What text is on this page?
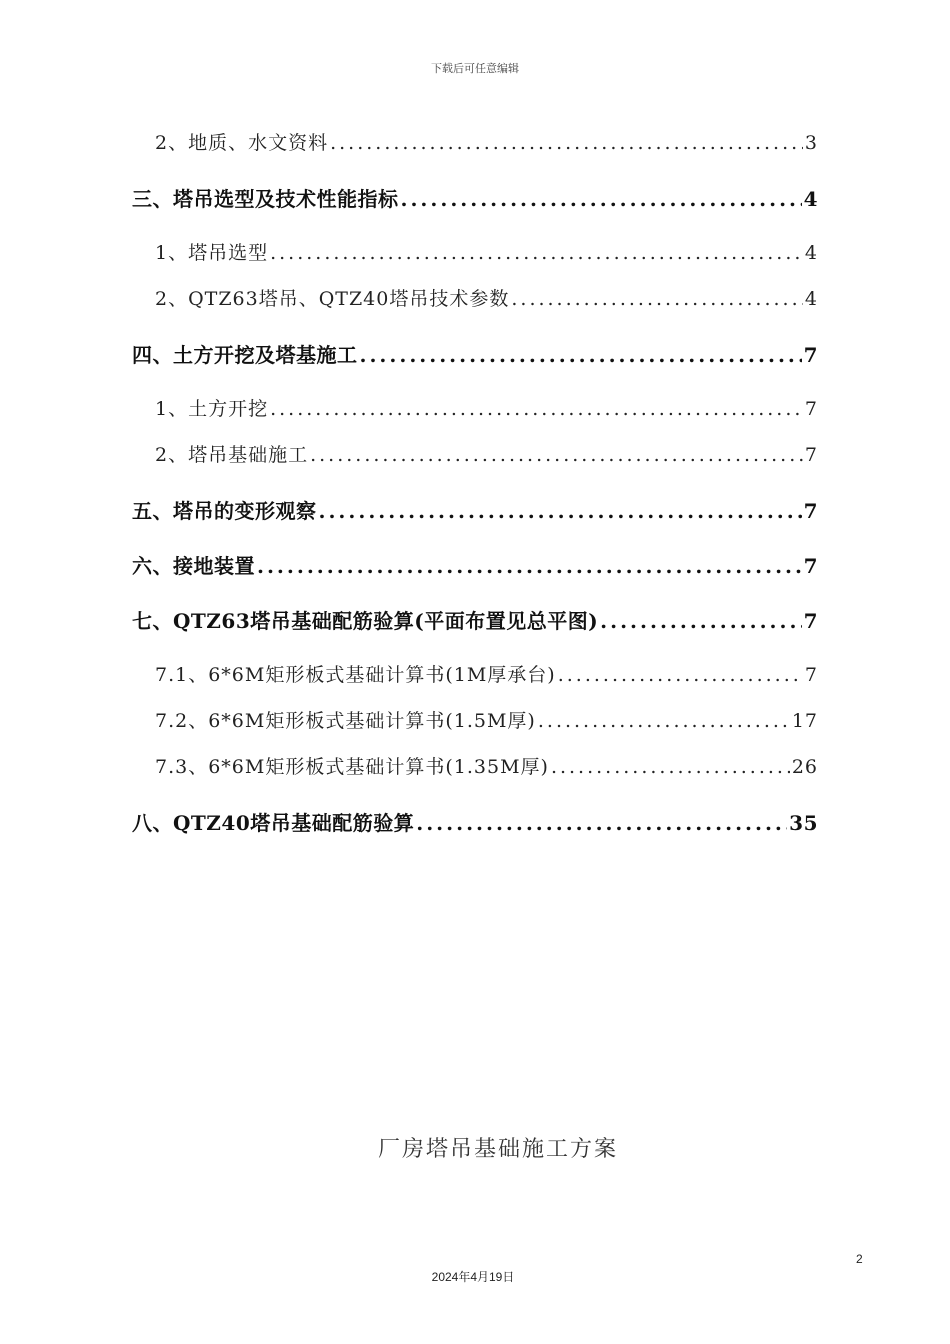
下载后可任意编辑
2、地质、水文资料 .....	3
三、塔吊选型及技术性能指标 .....	4
1、塔吊选型 .....	4
2、QTZ63塔吊、QTZ40塔吊技术参数 .....	4
四、土方开挖及塔基施工 .....	7
1、土方开挖 .....	7
2、塔吊基础施工 .....	7
五、塔吊的变形观察 .....	7
六、接地装置 .....	7
七、QTZ63塔吊基础配筋验算(平面布置见总平图) .....	7
7.1、6*6M矩形板式基础计算书(1M厚承台) .....	7
7.2、6*6M矩形板式基础计算书(1.5M厚) .....	17
7.3、6*6M矩形板式基础计算书(1.35M厚) .....	26
八、QTZ40塔吊基础配筋验算 .....	35
厂房塔吊基础施工方案
2
2024年4月19日
